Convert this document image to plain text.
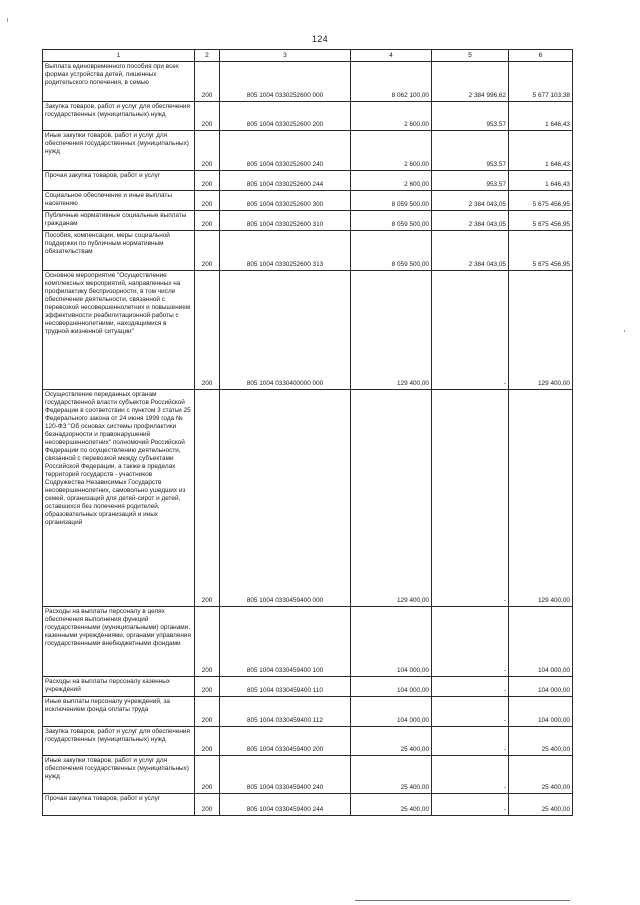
124
1	2	3	4	5	6
Выплата единовременного пособия при всех формах устройства детей, лишенных родительского попечения, в семью	200	805 1004 0330252600 000	8 062 100,00	2 384 996,62	5 677 103,38
Закупка товаров, работ и услуг для обеспечения государственных (муниципальных) нужд	200	805 1004 0330252600 200	2 600,00	953,57	1 646,43
Иные закупки товаров, работ и услуг для обеспечения государственных (муниципальных) нужд	200	805 1004 0330252600 240	2 600,00	953,57	1 646,43
Прочая закупка товаров, работ и услуг	200	805 1004 0330252600 244	2 600,00	953,57	1 646,43
Социальное обеспечение и иные выплаты населению	200	805 1004 0330252600 300	8 059 500,00	2 384 043,05	5 675 456,95
Публичные нормативные социальные выплаты гражданам	200	805 1004 0330252600 310	8 059 500,00	2 384 043,05	5 675 456,95
Пособия, компенсации, меры социальной поддержки по публичным нормативным обязательствам	200	805 1004 0330252600 313	8 059 500,00	2 384 043,05	5 675 456,95
Основное мероприятие "Осуществление комплексных мероприятий, направленных на профилактику беспризорности, в том числе обеспечение деятельности, связанной с перевозкой несовершеннолетних и повышением эффективности реабилитационной работы с несовершеннолетними, находящимися в трудной жизненной ситуации"	200	805 1004 0330400000 000	129 400,00	-	129 400,00
Осуществление переданных органам государственной власти субъектов Российской Федерации в соответствии с пунктом 3 статьи 25 Федерального закона от 24 июня 1999 года № 120-ФЗ "Об основах системы профилактики безнадзорности и правонарушений несовершеннолетних" полномочий Российской Федерации по осуществлению деятельности, связанной с перевозкой между субъектами Российской Федерации, а также в пределах территорий государств - участников Содружества Независимых Государств несовершеннолетних, самовольно ушедших из семей, организаций для детей-сирот и детей, оставшихся без попечения родителей, образовательных организаций и иных организаций	200	805 1004 0330459400 000	129 400,00	-	129 400,00
Расходы на выплаты персоналу в целях обеспечения выполнения функций государственными (муниципальными) органами, казенными учреждениями, органами управления государственными внебюджетными фондами	200	805 1004 0330459400 100	104 000,00	-	104 000,00
Расходы на выплаты персоналу казенных учреждений	200	805 1004 0330459400 110	104 000,00	-	104 000,00
Иные выплаты персоналу учреждений, за исключением фонда оплаты труда	200	805 1004 0330459400 112	104 000,00	-	104 000,00
Закупка товаров, работ и услуг для обеспечения государственных (муниципальных) нужд	200	805 1004 0330459400 200	25 400,00	-	25 400,00
Иные закупки товаров, работ и услуг для обеспечения государственных (муниципальных) нужд	200	805 1004 0330459400 240	25 400,00	-	25 400,00
Прочая закупка товаров, работ и услуг	200	805 1004 0330459400 244	25 400,00	-	25 400,00
